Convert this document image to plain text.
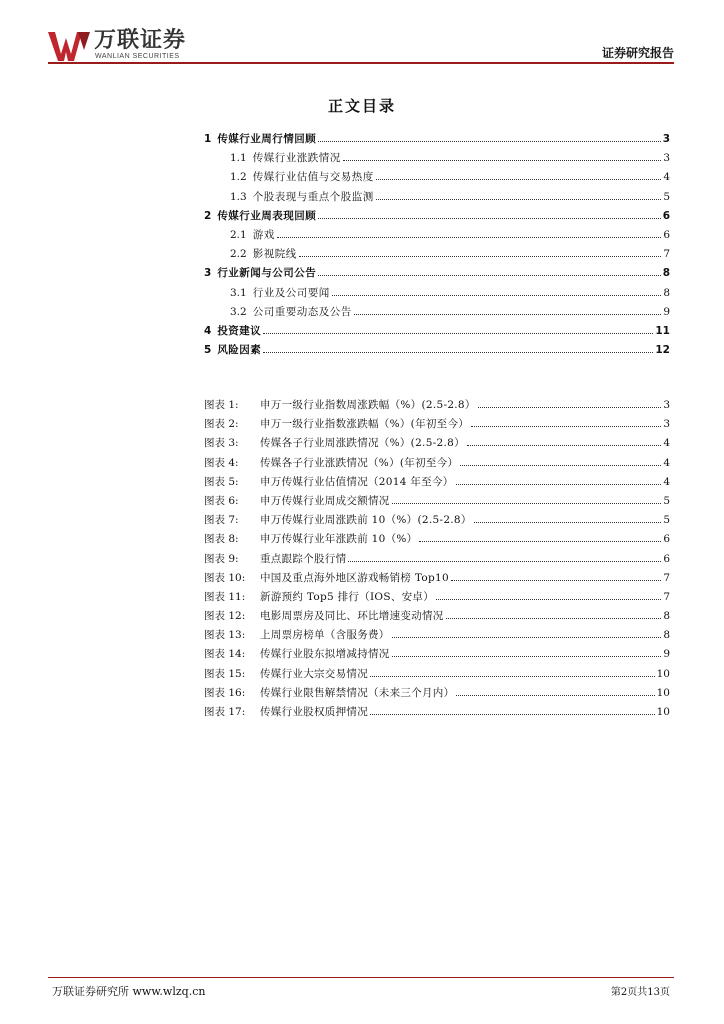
万联证券
WANLIAN SECURITIES	证券研究报告
正文目录
1 传媒行业周行情回顾	3
1.1 传媒行业涨跌情况	3
1.2 传媒行业估值与交易热度	4
1.3 个股表现与重点个股监测	5
2 传媒行业周表现回顾	6
2.1 游戏	6
2.2 影视院线	7
3 行业新闻与公司公告	8
3.1 行业及公司要闻	8
3.2 公司重要动态及公告	9
4 投资建议	11
5 风险因素	12
图表 1:	申万一级行业指数周涨跌幅（%）(2.5-2.8）	3
图表 2:	申万一级行业指数涨跌幅（%）(年初至今）	3
图表 3:	传媒各子行业周涨跌情况（%）(2.5-2.8）	4
图表 4:	传媒各子行业涨跌情况（%）(年初至今）	4
图表 5:	申万传媒行业估值情况（2014 年至今）	4
图表 6:	申万传媒行业周成交额情况	5
图表 7:	申万传媒行业周涨跌前 10（%）(2.5-2.8）	5
图表 8:	申万传媒行业年涨跌前 10（%）	6
图表 9:	重点跟踪个股行情	6
图表 10:	中国及重点海外地区游戏畅销榜 Top10	7
图表 11:	新游预约 Top5 排行（IOS、安卓）	7
图表 12:	电影周票房及同比、环比增速变动情况	8
图表 13:	上周票房榜单（含服务费）	8
图表 14:	传媒行业股东拟增减持情况	9
图表 15:	传媒行业大宗交易情况	10
图表 16:	传媒行业限售解禁情况（未来三个月内）	10
图表 17:	传媒行业股权质押情况	10
万联证券研究所 www.wlzq.cn	第2页共13页
